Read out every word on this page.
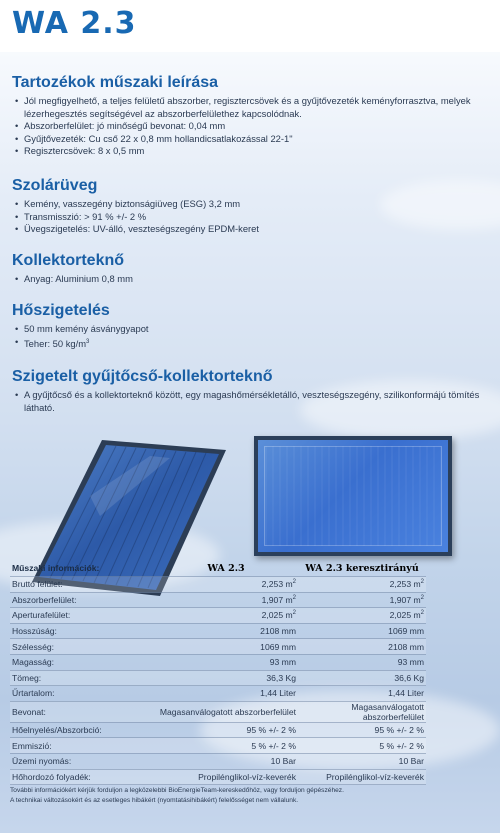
WA 2.3
Tartozékok műszaki leírása
• Jól megfigyelhető, a teljes felületű abszorber, regisztercsövek és a gyűjtővezeték keményforrasztva, melyek lézerhegesztés segítségével az abszorberfelülethez kapcsolódnak.
• Abszorberfelület: jó minőségű bevonat: 0,04 mm
• Gyűjtővezeték: Cu cső 22 x 0,8 mm hollandicsatlakozással 22-1"
• Regisztercsövek: 8 x 0,5 mm
Szolárüveg
• Kemény, vasszegény biztonságiüveg (ESG) 3,2 mm
• Transmisszió: > 91 % +/- 2 %
• Üvegszigetelés: UV-álló, veszteségszegény EPDM-keret
Kollektorteknő
• Anyag: Aluminium 0,8 mm
Hőszigetelés
• 50 mm kemény ásványgyapot
• Teher: 50 $kg/m^3$
Szigetelt gyűjtőcső-kollektorteknő
• A gyűjtőcső és a kollektorteknő között, egy magashőmérsékletálló, veszteségszegény, szilikonformájú tömítés látható.
Műszaki információk:	WA 2.3	WA 2.3 keresztirányú
Bruttó felület:	2,253 $m^2$	2,253 $m^2$
Abszorberfelület:	1,907 $m^2$	1,907 $m^2$
Aperturafelület:	2,025 $m^2$	2,025 $m^2$
Hosszúság:	2108 mm	1069 mm
Szélesség:	1069 mm	2108 mm
Magasság:	93 mm	93 mm
Tömeg:	36,3 Kg	36,6 Kg
Űrtartalom:	1,44 Liter	1,44 Liter
Bevonat:	Magasanválogatott abszorberfelület	Magasanválogatott abszorberfelület
Hőelnyelés/Abszorbció:	95 % +/- 2 %	95 % +/- 2 %
Emmisziό:	5 % +/- 2 %	5 % +/- 2 %
Üzemi nyomás:	10 Bar	10 Bar
Hőhordozó folyadék:	Propilénglikol-víz-keverék	Propilénglikol-víz-keverék
További információkért kérjük forduljon a legközelebbi BioEnergieTeam-kereskedőhöz, vagy forduljon gépészéhez.
A technikai változásokért és az esetleges hibákért (nyomtatásihibákért) felelősséget nem vállalunk.
